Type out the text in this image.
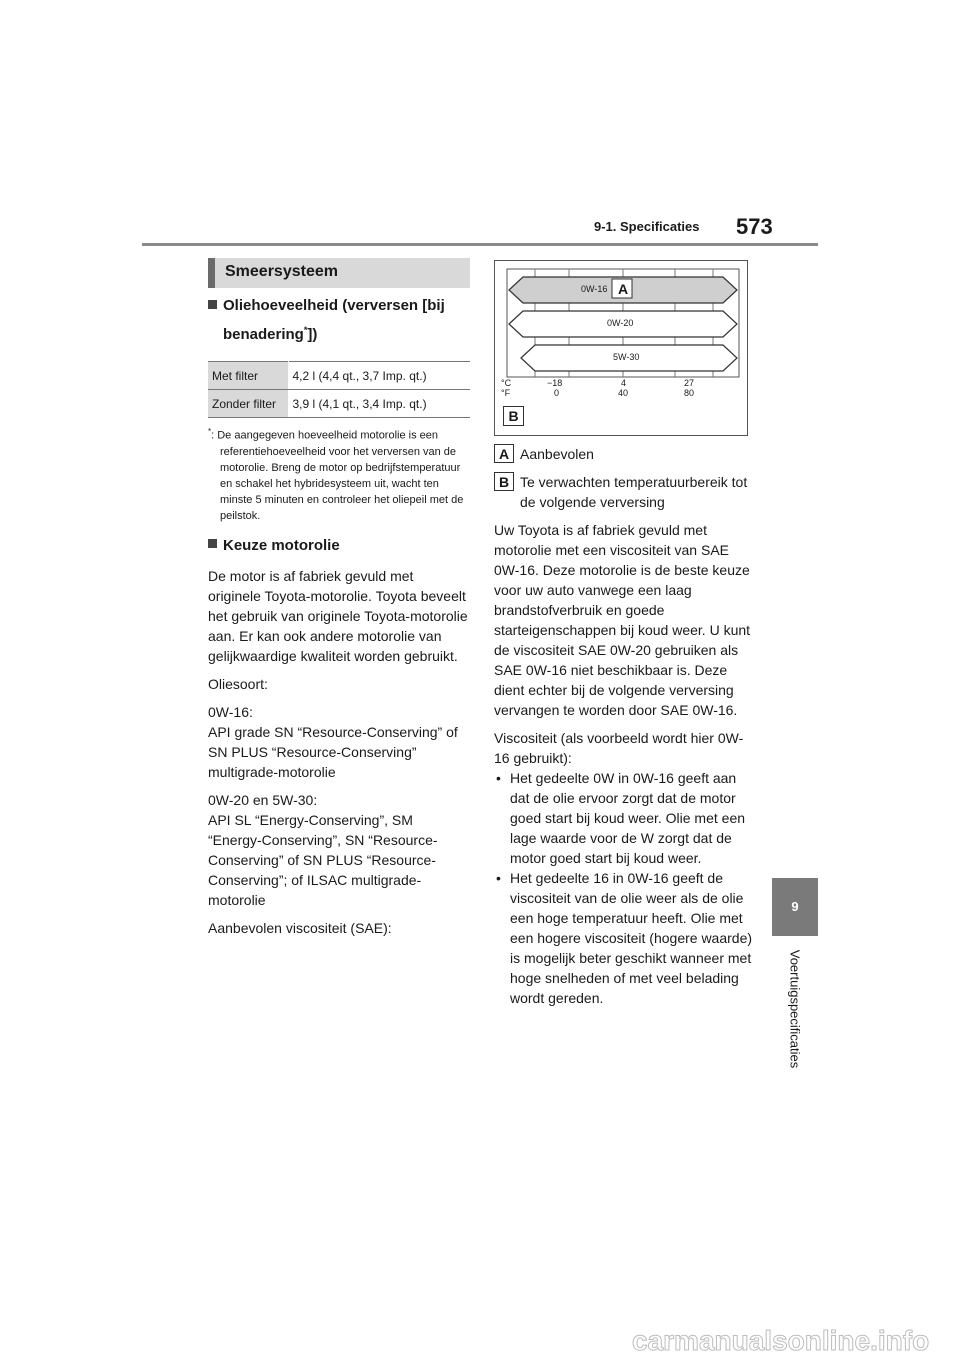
9-1. Specificaties 573
9
Voertuigspecificaties
Smeersysteem
Oliehoeveelheid (verversen [bij
benadering*])
Met filter	4,2 l (4,4 qt., 3,7 Imp. qt.)
Zonder filter	3,9 l (4,1 qt., 3,4 Imp. qt.)
*: De aangegeven hoeveelheid motorolie is een referentiehoeveelheid voor het verversen van de motorolie. Breng de motor op bedrijfstemperatuur en schakel het hybridesysteem uit, wacht ten minste 5 minuten en controleer het oliepeil met de peilstok.
Keuze motorolie

De motor is af fabriek gevuld met originele Toyota-motorolie. Toyota beveelt het gebruik van originele Toyota-motorolie aan. Er kan ook andere motorolie van gelijkwaardige kwaliteit worden gebruikt.

Oliesoort:

0W-16:

API grade SN “Resource-Conserving” of SN PLUS “Resource-Conserving” multigrade-motorolie

0W-20 en 5W-30:

API SL “Energy-Conserving”, SM “Energy-Conserving”, SN “Resource-Conserving” of SN PLUS “Resource-Conserving”; of ILSAC multigrade-motorolie

Aanbevolen viscositeit (SAE):

0W-16 A
0W-20
5W-30
°C
°F
−18
0
4
40
27
80
B
A Aanbevolen
B Te verwachten temperatuurbereik tot de volgende verversing

Uw Toyota is af fabriek gevuld met motorolie met een viscositeit van SAE 0W-16. Deze motorolie is de beste keuze voor uw auto vanwege een laag brandstofverbruik en goede starteigenschappen bij koud weer. U kunt de viscositeit SAE 0W-20 gebruiken als SAE 0W-16 niet beschikbaar is. Deze dient echter bij de volgende verversing vervangen te worden door SAE 0W-16.

Viscositeit (als voorbeeld wordt hier 0W-16 gebruikt):

• Het gedeelte 0W in 0W-16 geeft aan dat de olie ervoor zorgt dat de motor goed start bij koud weer. Olie met een lage waarde voor de W zorgt dat de motor goed start bij koud weer.
• Het gedeelte 16 in 0W-16 geeft de viscositeit van de olie weer als de olie een hoge temperatuur heeft. Olie met een hogere viscositeit (hogere waarde) is mogelijk beter geschikt wanneer met hoge snelheden of met veel belading wordt gereden.
carmanualsonline.info
